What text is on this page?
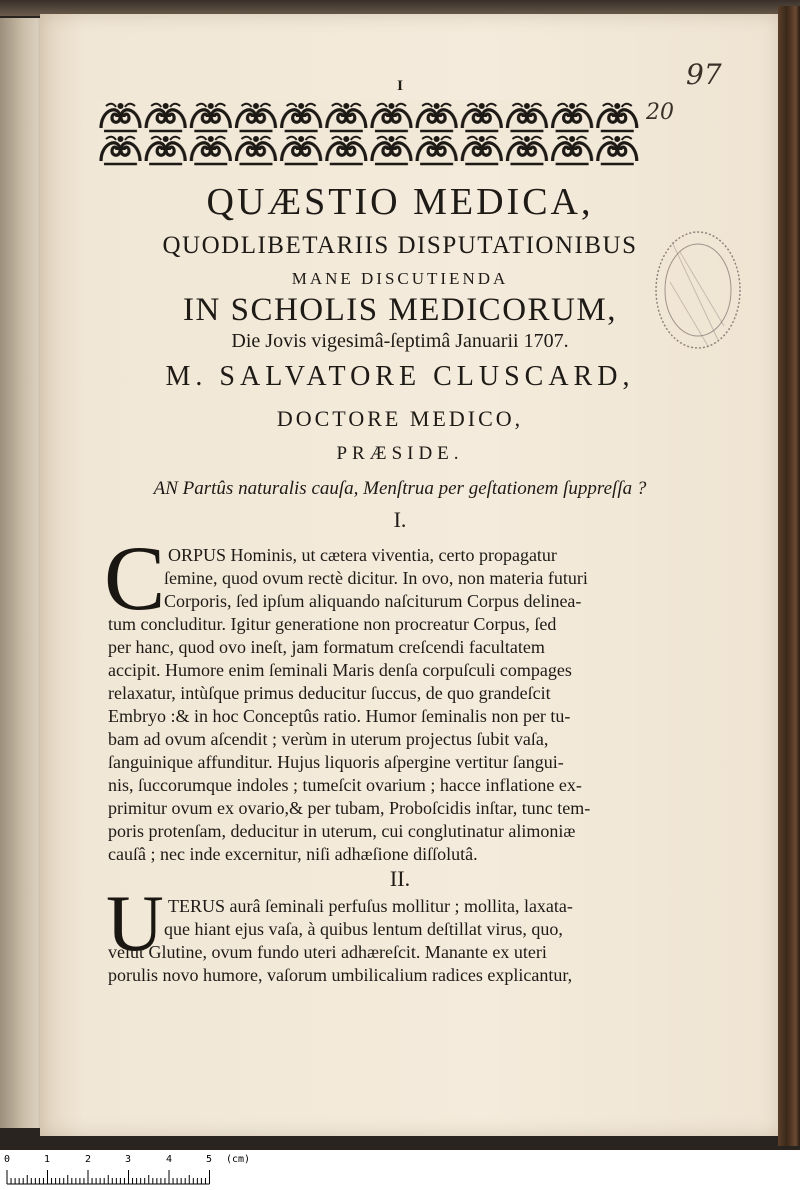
I	97
20
QUÆSTIO MEDICA,
QUODLIBETARIIS DISPUTATIONIBUS
MANE DISCUTIENDA
IN SCHOLIS MEDICORUM,
Die Jovis vigesimâ-ſeptimâ Januarii 1707.
M. SALVATORE CLUSCARD,
DOCTORE MEDICO,
PRÆSIDE.
AN Partûs naturalis cauſa, Menſtrua per geſtationem ſuppreſſa ?
I.
C ORPUS Hominis, ut cætera viventia, certo propagatur
ſemine, quod ovum rectè dicitur. In ovo, non materia futuri
Corporis, ſed ipſum aliquando naſciturum Corpus delinea-
tum concluditur. Igitur generatione non procreatur Corpus, ſed
per hanc, quod ovo ineſt, jam formatum creſcendi facultatem
accipit. Humore enim ſeminali Maris denſa corpuſculi compages
relaxatur, intùſque primus deducitur ſuccus, de quo grandeſcit
Embryo :& in hoc Conceptûs ratio. Humor ſeminalis non per tu-
bam ad ovum aſcendit ; verùm in uterum projectus ſubit vaſa,
ſanguinique affunditur. Hujus liquoris aſpergine vertitur ſangui-
nis, ſuccorumque indoles ; tumeſcit ovarium ; hacce inflatione ex-
primitur ovum ex ovario,& per tubam, Proboſcidis inſtar, tunc tem-
poris protenſam, deducitur in uterum, cui conglutinatur alimoniæ
cauſâ ; nec inde excernitur, niſi adhæſione diſſolutâ.
II.
U TERUS aurâ ſeminali perfuſus mollitur ; mollita, laxata-
que hiant ejus vaſa, à quibus lentum deſtillat virus, quo,
velut Glutine, ovum fundo uteri adhæreſcit. Manante ex uteri
porulis novo humore, vaſorum umbilicalium radices explicantur,
0	1	2	3	4	5 (cm)
